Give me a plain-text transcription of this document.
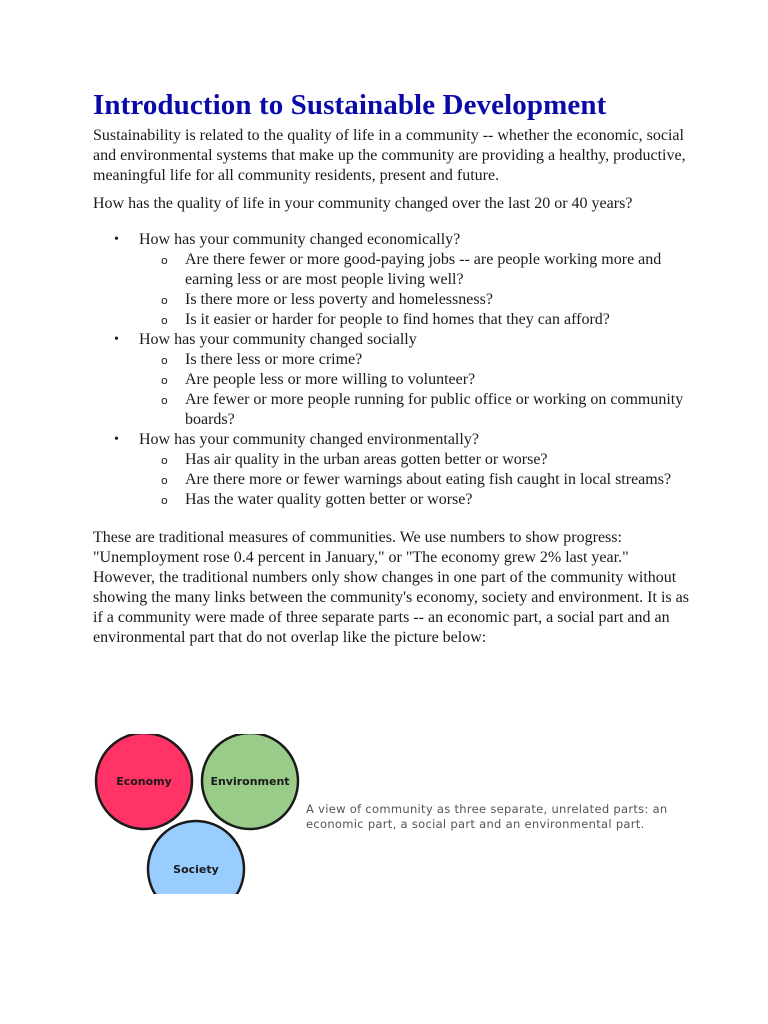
Introduction to Sustainable Development

Sustainability is related to the quality of life in a community -- whether the economic, social and environmental systems that make up the community are providing a healthy, productive, meaningful life for all community residents, present and future.

How has the quality of life in your community changed over the last 20 or 40 years?

• How has your community changed economically?
o Are there fewer or more good-paying jobs -- are people working more and earning less or are most people living well?
o Is there more or less poverty and homelessness?
o Is it easier or harder for people to find homes that they can afford?
• How has your community changed socially
o Is there less or more crime?
o Are people less or more willing to volunteer?
o Are fewer or more people running for public office or working on community boards?
• How has your community changed environmentally?
o Has air quality in the urban areas gotten better or worse?
o Are there more or fewer warnings about eating fish caught in local streams?
o Has the water quality gotten better or worse?

These are traditional measures of communities. We use numbers to show progress: "Unemployment rose 0.4 percent in January," or "The economy grew 2% last year." However, the traditional numbers only show changes in one part of the community without showing the many links between the community's economy, society and environment. It is as if a community were made of three separate parts -- an economic part, a social part and an environmental part that do not overlap like the picture below:

Economy	Environment
Society
A view of community as three separate, unrelated parts: an economic part, a social part and an environmental part.
